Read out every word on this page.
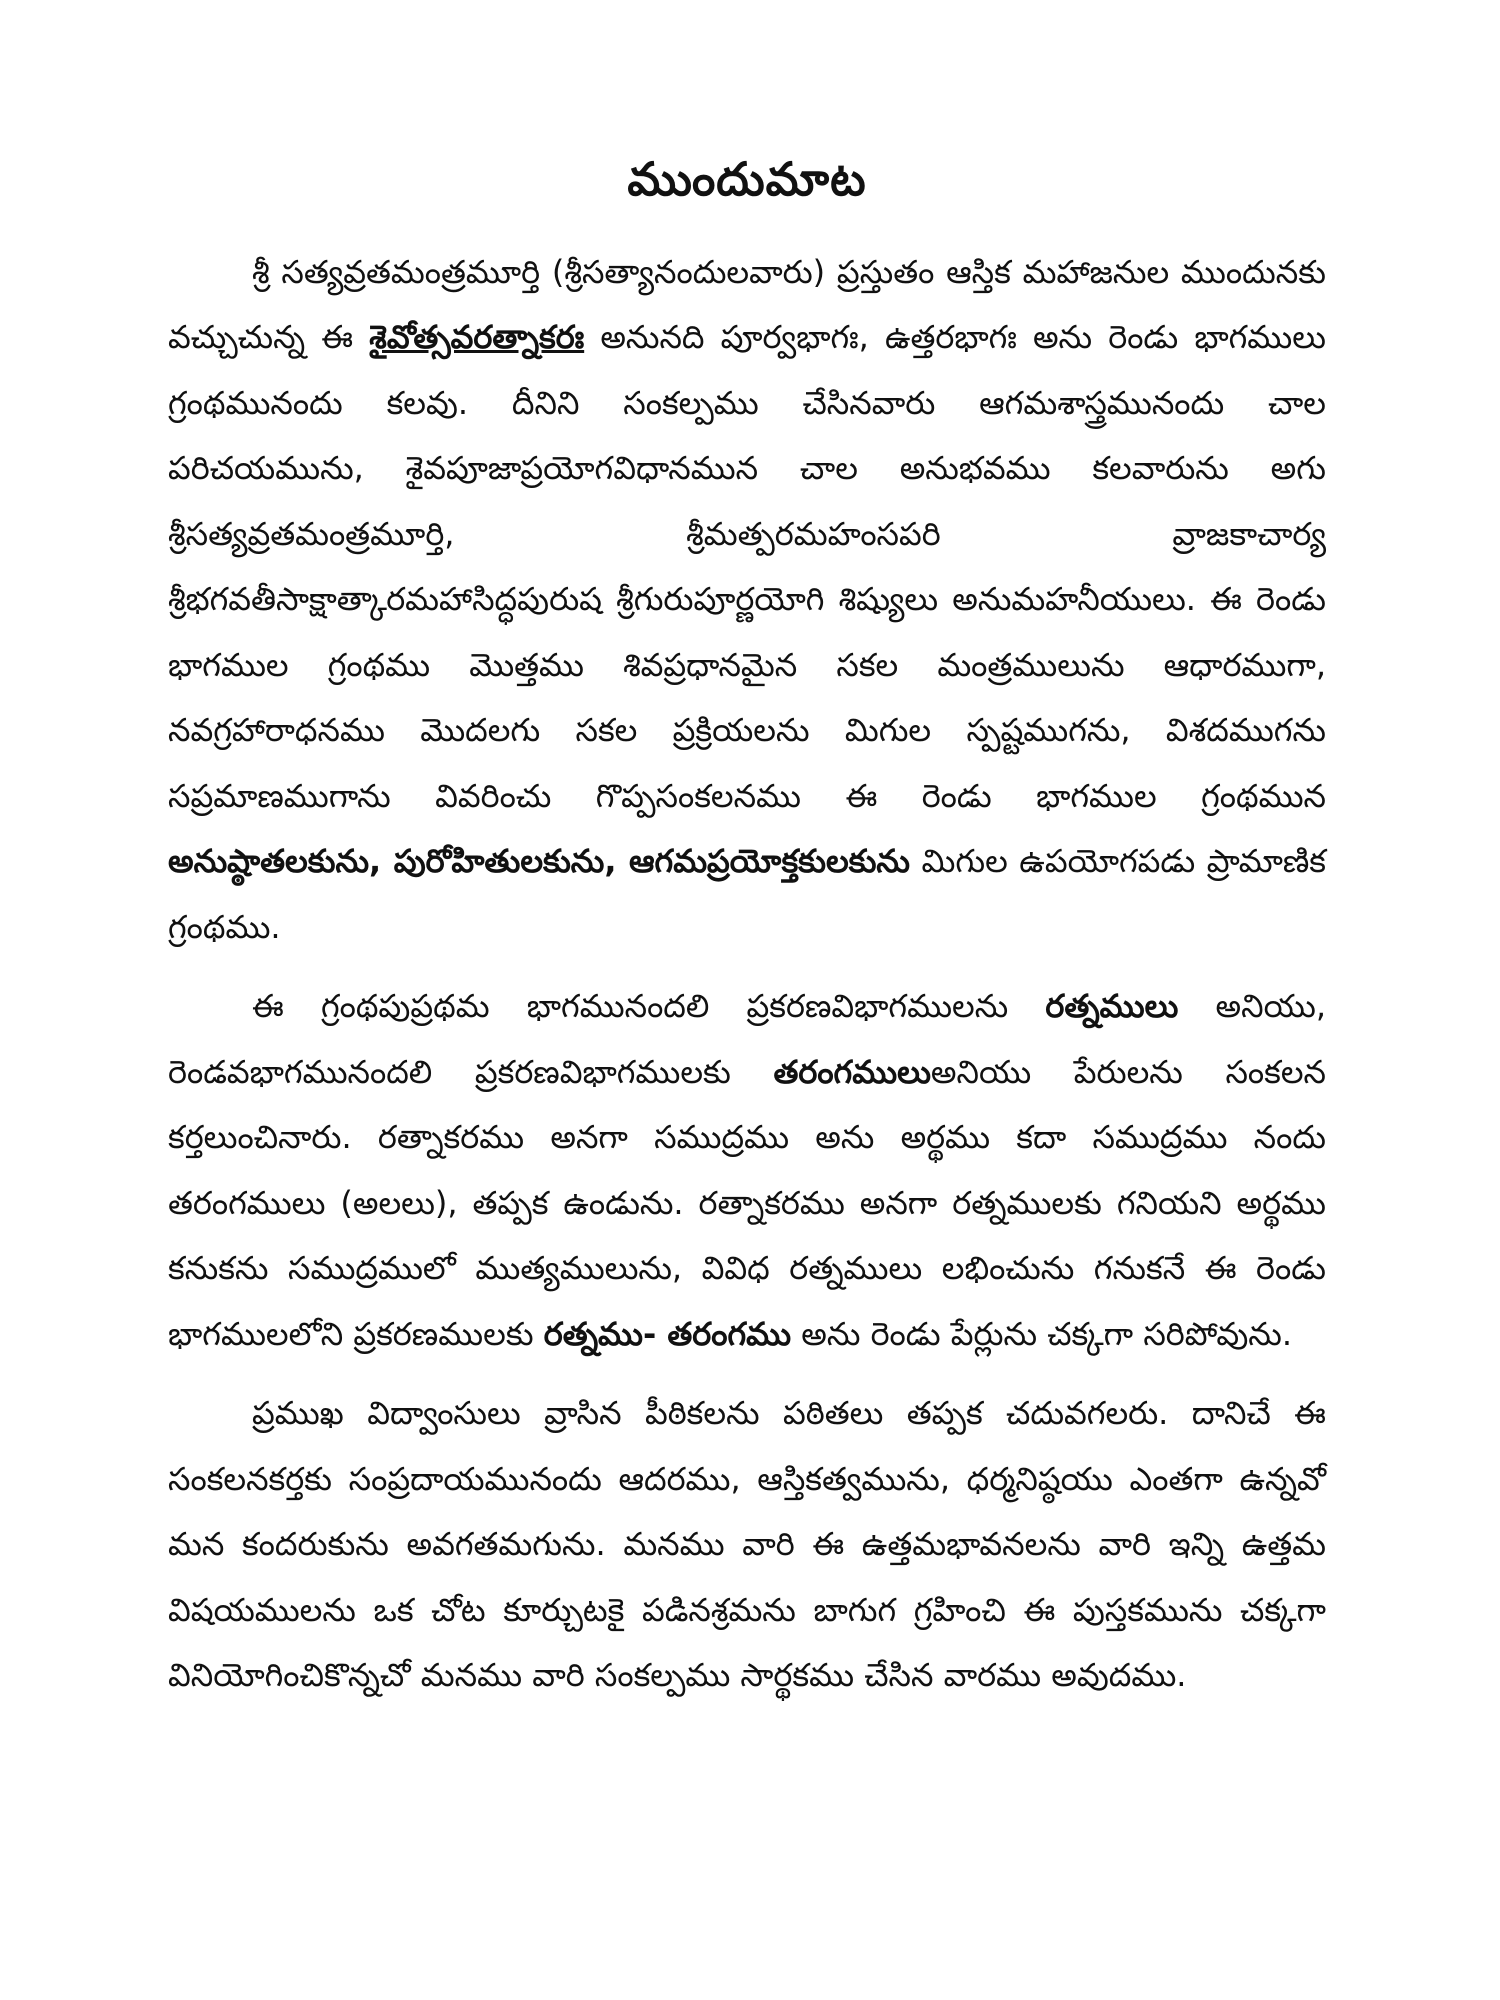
ముందుమాట

శ్రీ సత్యవ్రతమంత్రమూర్తి (శ్రీసత్యానందులవారు) ప్రస్తుతం ఆస్తిక మహాజనుల ముందునకు వచ్చుచున్న ఈ శైవోత్సవరత్నాకరః అనునది పూర్వభాగః, ఉత్తరభాగః అను రెండు భాగములు గ్రంథమునందు కలవు. దీనిని సంకల్పము చేసినవారు ఆగమశాస్త్రమునందు చాల పరిచయమును, శైవపూజాప్రయోగవిధానమున చాల అనుభవము కలవారును అగు శ్రీసత్యవ్రతమంత్రమూర్తి, శ్రీమత్పరమహంసపరి వ్రాజకాచార్య శ్రీభగవతీసాక్షాత్కారమహాసిద్ధపురుష శ్రీగురుపూర్ణయోగి శిష్యులు అనుమహనీయులు. ఈ రెండు భాగముల గ్రంథము మొత్తము శివప్రధానమైన సకల మంత్రములును ఆధారముగా, నవగ్రహారాధనము మొదలగు సకల ప్రక్రియలను మిగుల స్పష్టముగను, విశదముగను సప్రమాణముగాను వివరించు గొప్పసంకలనము ఈ రెండు భాగముల గ్రంథమున అనుష్ఠాతలకును, పురోహితులకును, ఆగమప్రయోక్తకులకును మిగుల ఉపయోగపడు ప్రామాణిక గ్రంథము.

ఈ గ్రంథపుప్రథమ భాగమునందలి ప్రకరణవిభాగములను రత్నములు అనియు, రెండవభాగమునందలి ప్రకరణవిభాగములకు తరంగములుఅనియు పేరులను సంకలన కర్తలుంచినారు. రత్నాకరము అనగా సముద్రము అను అర్థము కదా సముద్రము నందు తరంగములు (అలలు), తప్పక ఉండును. రత్నాకరము అనగా రత్నములకు గనియని అర్థము కనుకను సముద్రములో ముత్యములును, వివిధ రత్నములు లభించును గనుకనే ఈ రెండు భాగములలోని ప్రకరణములకు రత్నము- తరంగము అను రెండు పేర్లును చక్కగా సరిపోవును.

ప్రముఖ విద్వాంసులు వ్రాసిన పీఠికలను పఠితలు తప్పక చదువగలరు. దానిచే ఈ సంకలనకర్తకు సంప్రదాయమునందు ఆదరము, ఆస్తికత్వమును, ధర్మనిష్ఠయు ఎంతగా ఉన్నవో మన కందరుకును అవగతమగును. మనము వారి ఈ ఉత్తమభావనలను వారి ఇన్ని ఉత్తమ విషయములను ఒక చోట కూర్చుటకై పడినశ్రమను బాగుగ గ్రహించి ఈ పుస్తకమును చక్కగా వినియోగించికొన్నచో మనము వారి సంకల్పము సార్థకము చేసిన వారము అవుదము.
